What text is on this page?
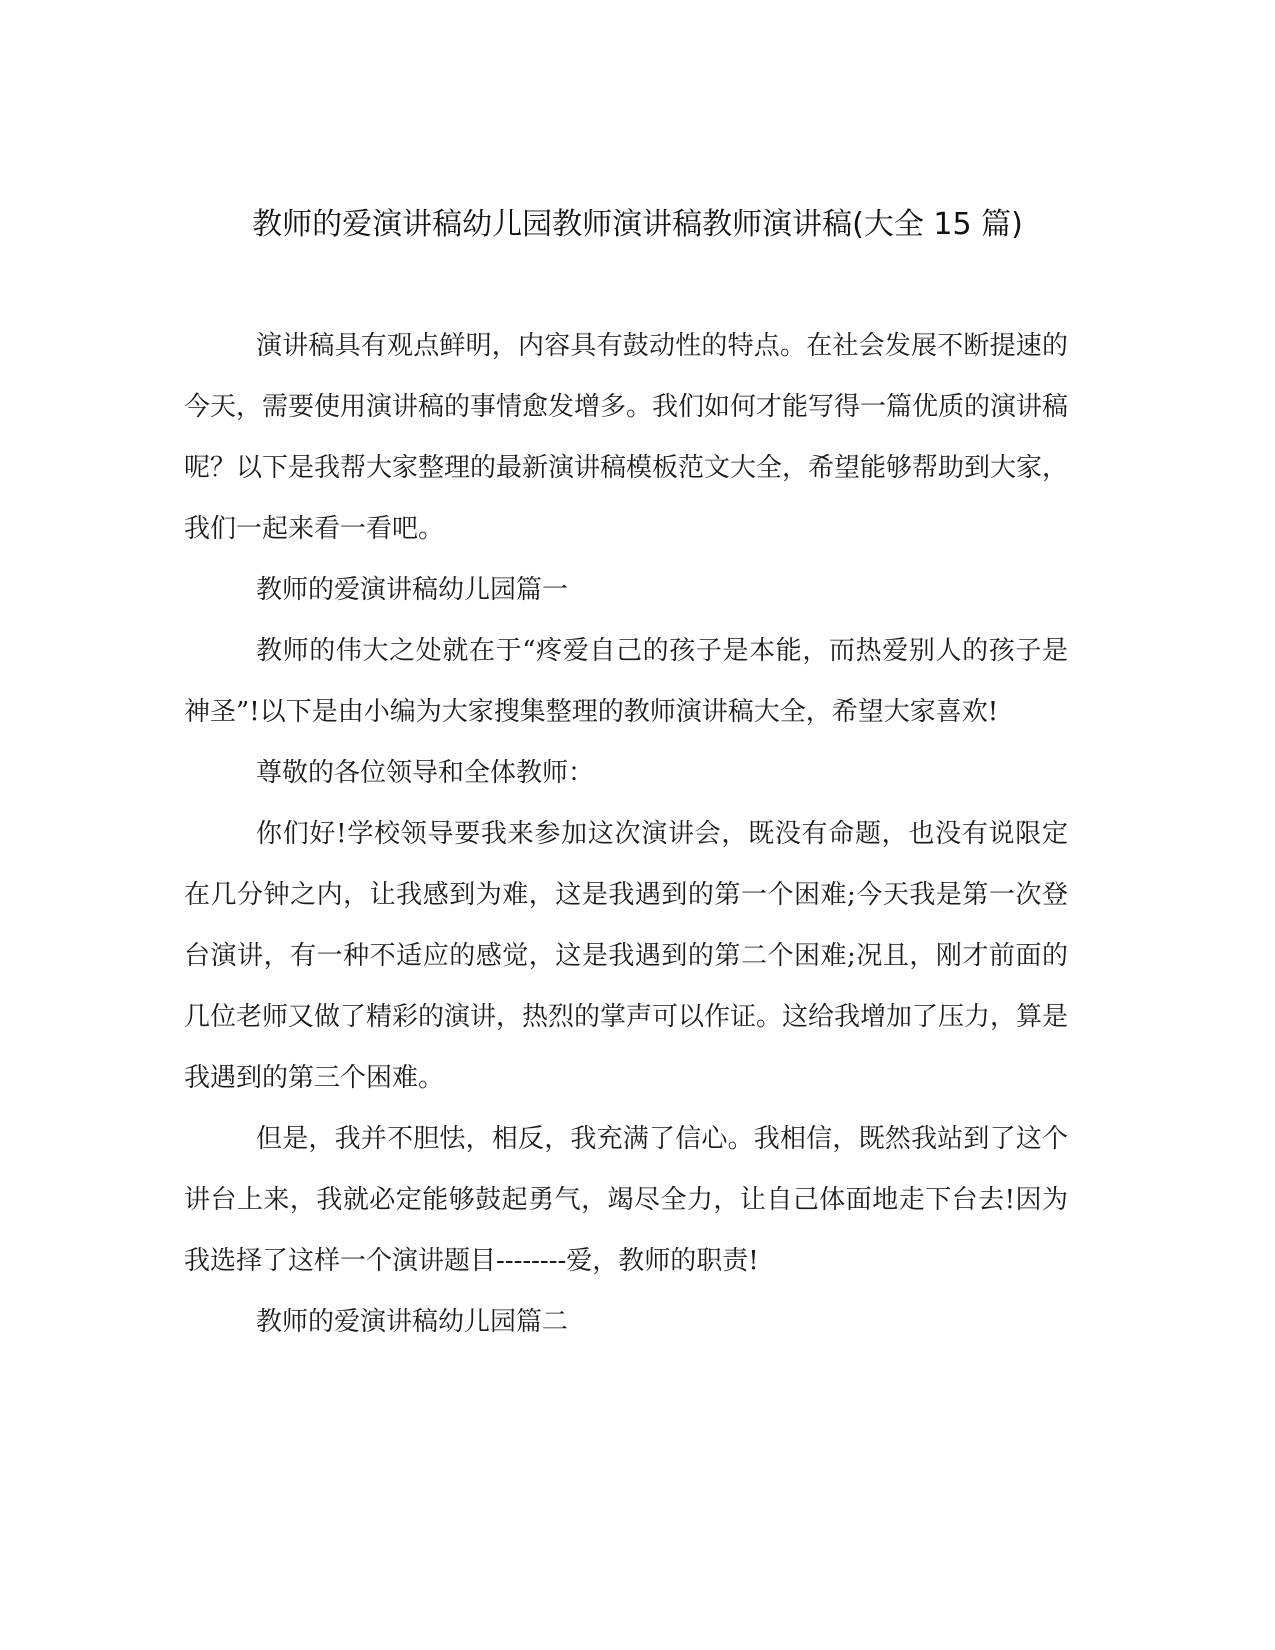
教师的爱演讲稿幼儿园教师演讲稿教师演讲稿(大全 15 篇)

演讲稿具有观点鲜明，内容具有鼓动性的特点。在社会发展不断提速的今天，需要使用演讲稿的事情愈发增多。我们如何才能写得一篇优质的演讲稿呢？以下是我帮大家整理的最新演讲稿模板范文大全，希望能够帮助到大家，我们一起来看一看吧。

教师的爱演讲稿幼儿园篇一

教师的伟大之处就在于“疼爱自己的孩子是本能，而热爱别人的孩子是神圣”!以下是由小编为大家搜集整理的教师演讲稿大全，希望大家喜欢!

尊敬的各位领导和全体教师：

你们好!学校领导要我来参加这次演讲会，既没有命题，也没有说限定在几分钟之内，让我感到为难，这是我遇到的第一个困难;今天我是第一次登台演讲，有一种不适应的感觉，这是我遇到的第二个困难;况且，刚才前面的几位老师又做了精彩的演讲，热烈的掌声可以作证。这给我增加了压力，算是我遇到的第三个困难。

但是，我并不胆怯，相反，我充满了信心。我相信，既然我站到了这个讲台上来，我就必定能够鼓起勇气，竭尽全力，让自己体面地走下台去!因为我选择了这样一个演讲题目--------爱，教师的职责!

教师的爱演讲稿幼儿园篇二
